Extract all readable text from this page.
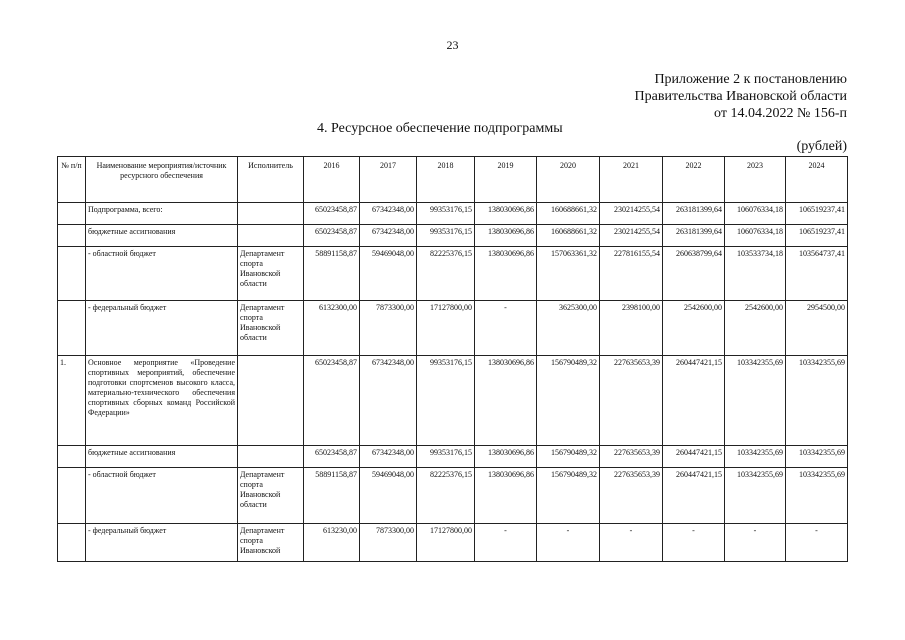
23
Приложение 2 к постановлению
Правительства Ивановской области
от 14.04.2022 № 156-п
4. Ресурсное обеспечение подпрограммы
(рублей)
№ п/п	Наименование мероприятия/источник ресурсного обеспечения	Исполнитель	2016	2017	2018	2019	2020	2021	2022	2023	2024
	Подпрограмма, всего:		65023458,87	67342348,00	99353176,15	138030696,86	160688661,32	230214255,54	263181399,64	106076334,18	106519237,41
	бюджетные ассигнования		65023458,87	67342348,00	99353176,15	138030696,86	160688661,32	230214255,54	263181399,64	106076334,18	106519237,41
	- областной бюджет	Департамент спорта Ивановской области	58891158,87	59469048,00	82225376,15	138030696,86	157063361,32	227816155,54	260638799,64	103533734,18	103564737,41
	- федеральный бюджет	Департамент спорта Ивановской области	6132300,00	7873300,00	17127800,00	-	3625300,00	2398100,00	2542600,00	2542600,00	2954500,00
1.	Основное мероприятие «Проведение спортивных мероприятий, обеспечение подготовки спортсменов высокого класса, материально-технического обеспечения спортивных сборных команд Российской Федерации»		65023458,87	67342348,00	99353176,15	138030696,86	156790489,32	227635653,39	260447421,15	103342355,69	103342355,69
	бюджетные ассигнования		65023458,87	67342348,00	99353176,15	138030696,86	156790489,32	227635653,39	260447421,15	103342355,69	103342355,69
	- областной бюджет	Департамент спорта Ивановской области	58891158,87	59469048,00	82225376,15	138030696,86	156790489,32	227635653,39	260447421,15	103342355,69	103342355,69
	- федеральный бюджет	Департамент спорта Ивановской	613230,00	7873300,00	17127800,00	-	-	-	-	-	-
